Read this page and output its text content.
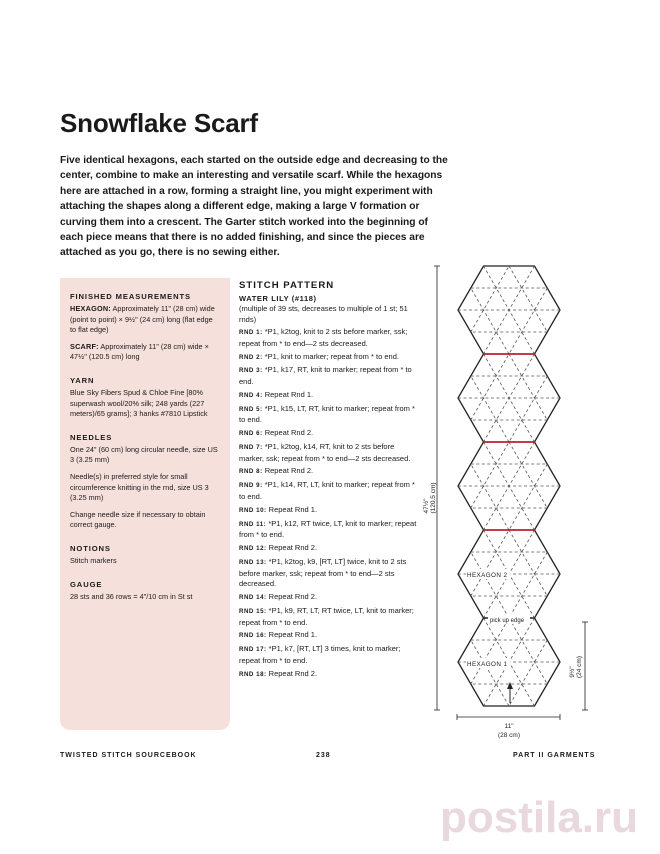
Snowflake Scarf
Five identical hexagons, each started on the outside edge and decreasing to the center, combine to make an interesting and versatile scarf. While the hexagons here are attached in a row, forming a straight line, you might experiment with attaching the shapes along a different edge, making a large V formation or curving them into a crescent. The Garter stitch worked into the beginning of each piece means that there is no added finishing, and since the pieces are attached as you go, there is no sewing either.
FINISHED MEASUREMENTS
HEXAGON: Approximately 11" (28 cm) wide (point to point) × 9½" (24 cm) long (flat edge to flat edge)
SCARF: Approximately 11" (28 cm) wide × 47½" (120.5 cm) long
YARN
Blue Sky Fibers Spud & Chloë Fine [80% superwash wool/20% silk; 248 yards (227 meters)/65 grams]; 3 hanks #7810 Lipstick
NEEDLES
One 24" (60 cm) long circular needle, size US 3 (3.25 mm)
Needle(s) in preferred style for small circumference knitting in the rnd, size US 3 (3.25 mm)
Change needle size if necessary to obtain correct gauge.
NOTIONS
Stitch markers
GAUGE
28 sts and 36 rows = 4"/10 cm in St st
STITCH PATTERN
WATER LILY (#118)
(multiple of 39 sts, decreases to multiple of 1 st; 51 rnds)
RND 1: *P1, k2tog, knit to 2 sts before marker, ssk; repeat from * to end—2 sts decreased.
RND 2: *P1, knit to marker; repeat from * to end.
RND 3: *P1, k17, RT, knit to marker; repeat from * to end.
RND 4: Repeat Rnd 1.
RND 5: *P1, k15, LT, RT, knit to marker; repeat from * to end.
RND 6: Repeat Rnd 2.
RND 7: *P1, k2tog, k14, RT, knit to 2 sts before marker, ssk; repeat from * to end—2 sts decreased.
RND 8: Repeat Rnd 2.
RND 9: *P1, k14, RT, LT, knit to marker; repeat from * to end.
RND 10: Repeat Rnd 1.
RND 11: *P1, k12, RT twice, LT, knit to marker; repeat from * to end.
RND 12: Repeat Rnd 2.
RND 13: *P1, k2tog, k9, [RT, LT] twice, knit to 2 sts before marker, ssk; repeat from * to end—2 sts decreased.
RND 14: Repeat Rnd 2.
RND 15: *P1, k9, RT, LT, RT twice, LT, knit to marker; repeat from * to end.
RND 16: Repeat Rnd 1.
RND 17: *P1, k7, [RT, LT] 3 times, knit to marker; repeat from * to end.
RND 18: Repeat Rnd 2.
HEXAGON 2
pick up edge
HEXAGON 1
47½" (120.5 cm)
9½" (24 cm)
11"
(28 cm)
TWISTED STITCH SOURCEBOOK	238	PART II GARMENTS
postila.ru
